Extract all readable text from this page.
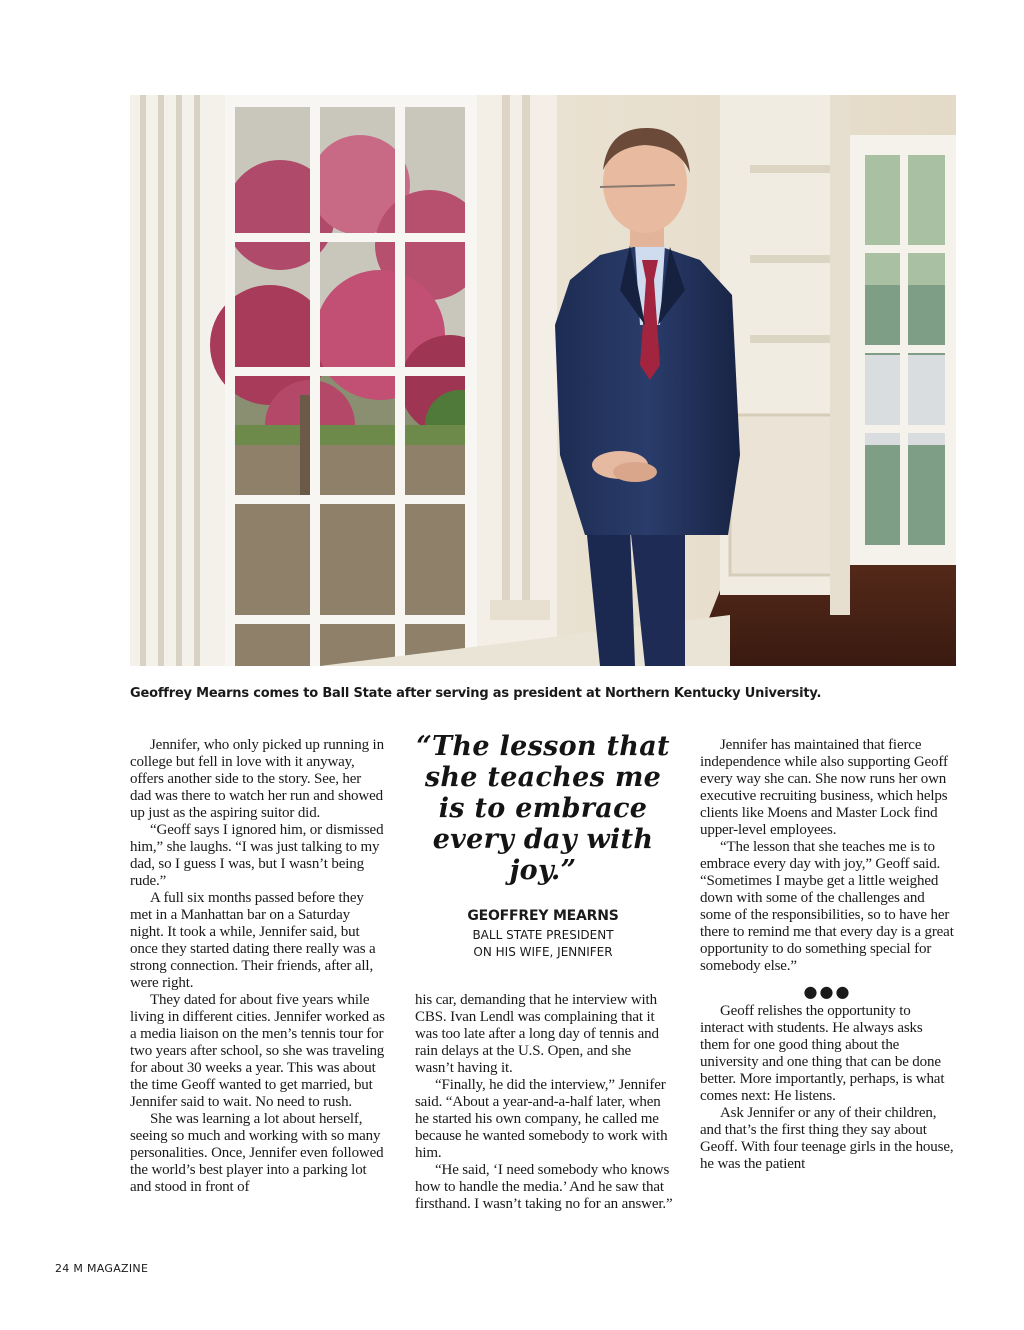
Geoffrey Mearns comes to Ball State after serving as president at Northern Kentucky University.

Jennifer, who only picked up running in college but fell in love with it anyway, offers another side to the story. See, her dad was there to watch her run and showed up just as the aspiring suitor did.

“Geoff says I ignored him, or dismissed him,” she laughs. “I was just talking to my dad, so I guess I was, but I wasn’t being rude.”

A full six months passed before they met in a Manhattan bar on a Saturday night. It took a while, Jennifer said, but once they started dating there really was a strong connection. Their friends, after all, were right.

They dated for about five years while living in different cities. Jennifer worked as a media liaison on the men’s tennis tour for two years after school, so she was traveling for about 30 weeks a year. This was about the time Geoff wanted to get married, but Jennifer said to wait. No need to rush.

She was learning a lot about herself, seeing so much and working with so many personalities. Once, Jennifer even followed the world’s best player into a parking lot and stood in front of

“The lesson that she teaches me is to embrace every day with joy.”
GEOFFREY MEARNS
BALL STATE PRESIDENT
ON HIS WIFE, JENNIFER

his car, demanding that he interview with CBS. Ivan Lendl was complaining that it was too late after a long day of tennis and rain delays at the U.S. Open, and she wasn’t having it.

“Finally, he did the interview,” Jennifer said. “About a year-and-a-half later, when he started his own company, he called me because he wanted somebody to work with him.

“He said, ‘I need somebody who knows how to handle the media.’ And he saw that firsthand. I wasn’t taking no for an answer.”

Jennifer has maintained that fierce independence while also supporting Geoff every way she can. She now runs her own executive recruiting business, which helps clients like Moens and Master Lock find upper-level employees.

“The lesson that she teaches me is to embrace every day with joy,” Geoff said. “Sometimes I maybe get a little weighed down with some of the challenges and some of the responsibilities, so to have her there to remind me that every day is a great opportunity to do something special for somebody else.”

●●●

Geoff relishes the opportunity to interact with students. He always asks them for one good thing about the university and one thing that can be done better. More importantly, perhaps, is what comes next: He listens.

Ask Jennifer or any of their children, and that’s the first thing they say about Geoff. With four teenage girls in the house, he was the patient

24 M MAGAZINE
